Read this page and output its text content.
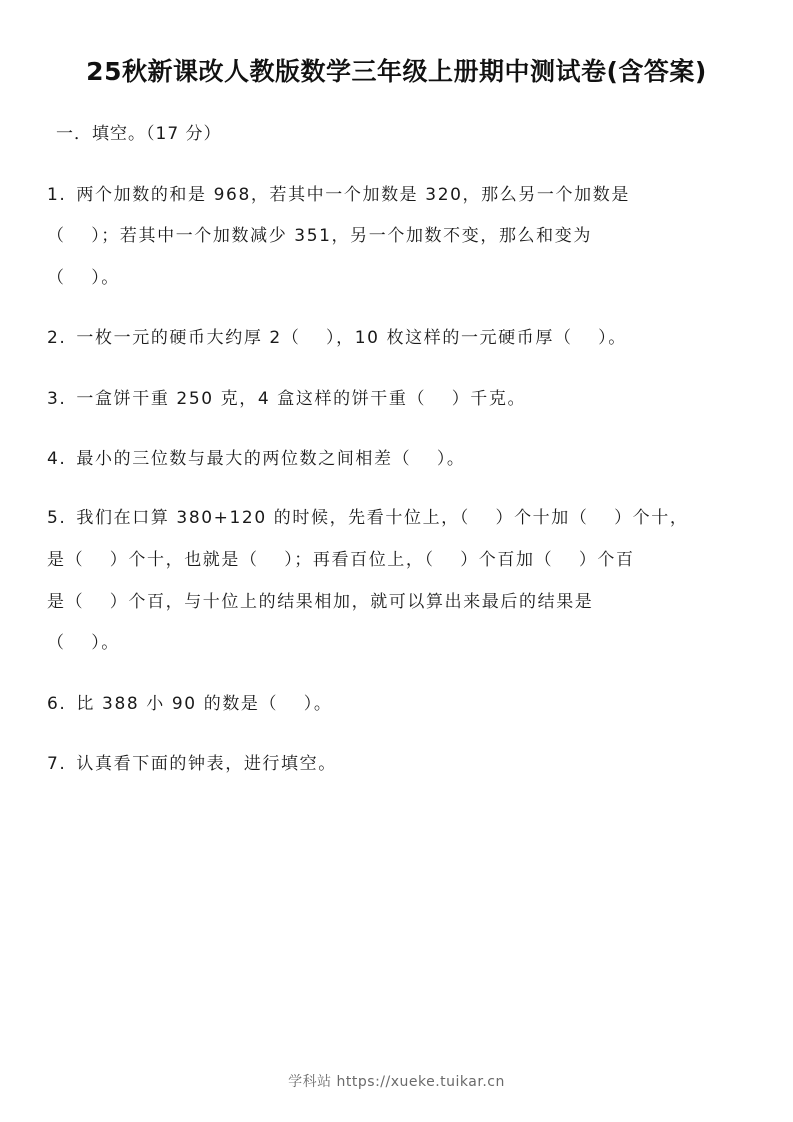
25秋新课改人教版数学三年级上册期中测试卷(含答案)
一．填空。（17 分）
1. 两个加数的和是 968，若其中一个加数是 320，那么另一个加数是
（　 ）；若其中一个加数减少 351，另一个加数不变，那么和变为
（　 ）。
2. 一枚一元的硬币大约厚 2（　 ），10 枚这样的一元硬币厚（　 ）。
3. 一盒饼干重 250 克，4 盒这样的饼干重（　 ）千克。
4. 最小的三位数与最大的两位数之间相差（　 ）。
5. 我们在口算 380+120 的时候，先看十位上，（　 ）个十加（　 ）个十，
是（　 ）个十，也就是（　 ）；再看百位上，（　 ）个百加（　 ）个百
是（　 ）个百，与十位上的结果相加，就可以算出来最后的结果是
（　 ）。
6. 比 388 小 90 的数是（　 ）。
7. 认真看下面的钟表，进行填空。
学科站 https://xueke.tuikar.cn
